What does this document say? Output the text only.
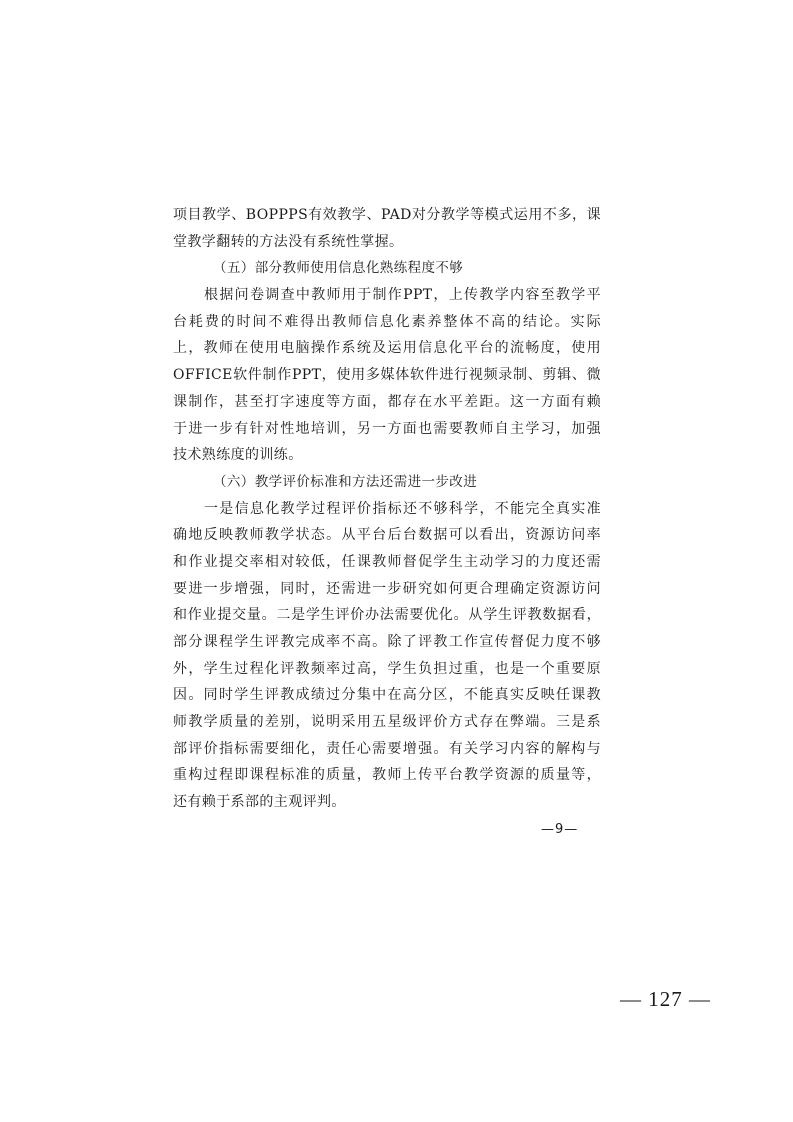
项目教学、BOPPPS有效教学、PAD对分教学等模式运用不多，课
堂教学翻转的方法没有系统性掌握。
（五）部分教师使用信息化熟练程度不够
根据问卷调查中教师用于制作PPT，上传教学内容至教学平
台耗费的时间不难得出教师信息化素养整体不高的结论。实际
上，教师在使用电脑操作系统及运用信息化平台的流畅度，使用
OFFICE软件制作PPT，使用多媒体软件进行视频录制、剪辑、微
课制作，甚至打字速度等方面，都存在水平差距。这一方面有赖
于进一步有针对性地培训，另一方面也需要教师自主学习，加强
技术熟练度的训练。
（六）教学评价标准和方法还需进一步改进
一是信息化教学过程评价指标还不够科学，不能完全真实准
确地反映教师教学状态。从平台后台数据可以看出，资源访问率
和作业提交率相对较低，任课教师督促学生主动学习的力度还需
要进一步增强，同时，还需进一步研究如何更合理确定资源访问
和作业提交量。二是学生评价办法需要优化。从学生评教数据看，
部分课程学生评教完成率不高。除了评教工作宣传督促力度不够
外，学生过程化评教频率过高，学生负担过重，也是一个重要原
因。同时学生评教成绩过分集中在高分区，不能真实反映任课教
师教学质量的差别，说明采用五星级评价方式存在弊端。三是系
部评价指标需要细化，责任心需要增强。有关学习内容的解构与
重构过程即课程标准的质量，教师上传平台教学资源的质量等，
还有赖于系部的主观评判。
—9—
— 127 —
